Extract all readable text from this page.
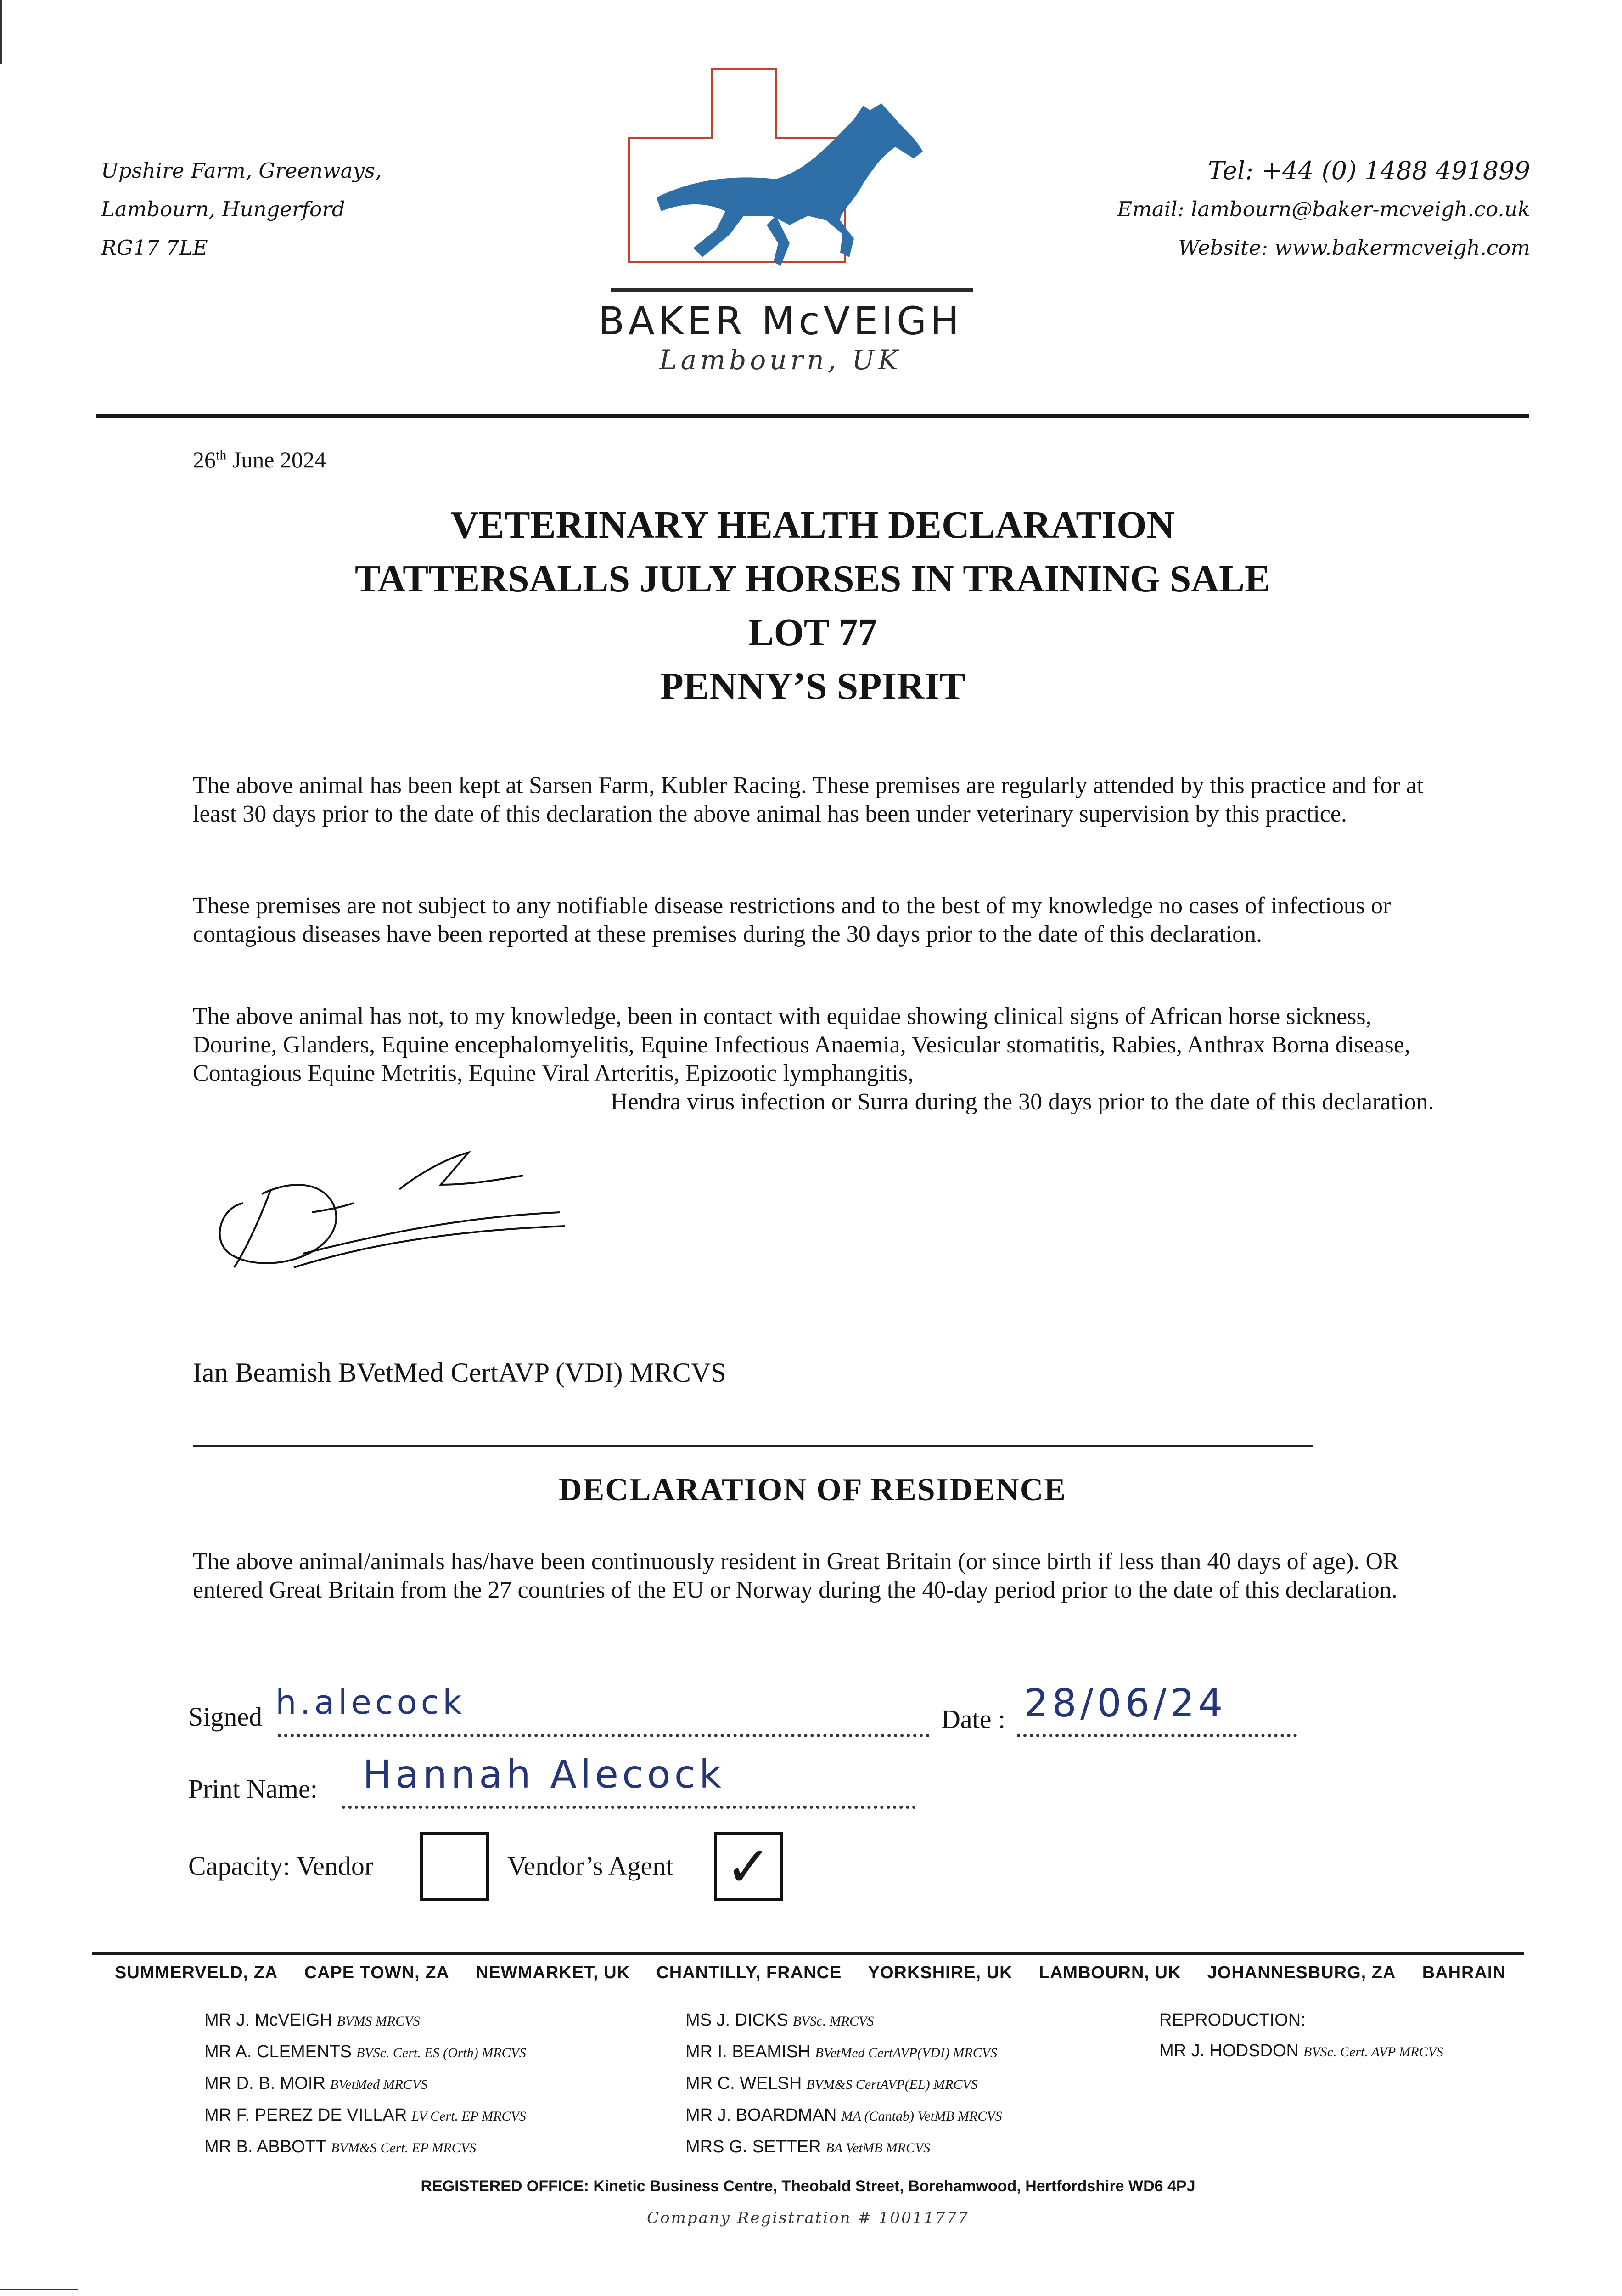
Upshire Farm, Greenways,
Lambourn, Hungerford
RG17 7LE
BAKER McVEIGH
Lambourn, UK
Tel: +44 (0) 1488 491899
Email: lambourn@baker-mcveigh.co.uk
Website: www.bakermcveigh.com
26th June 2024
VETERINARY HEALTH DECLARATION
TATTERSALLS JULY HORSES IN TRAINING SALE
LOT 77
PENNY’S SPIRIT
The above animal has been kept at Sarsen Farm, Kubler Racing. These premises are regularly attended by this practice and for at least 30 days prior to the date of this declaration the above animal has been under veterinary supervision by this practice.
These premises are not subject to any notifiable disease restrictions and to the best of my knowledge no cases of infectious or contagious diseases have been reported at these premises during the 30 days prior to the date of this declaration.
The above animal has not, to my knowledge, been in contact with equidae showing clinical signs of African horse sickness, Dourine, Glanders, Equine encephalomyelitis, Equine Infectious Anaemia, Vesicular stomatitis, Rabies, Anthrax Borna disease, Contagious Equine Metritis, Equine Viral Arteritis, Epizootic lymphangitis,
Hendra virus infection or Surra during the 30 days prior to the date of this declaration.
Ian Beamish BVetMed CertAVP (VDI) MRCVS
DECLARATION OF RESIDENCE
The above animal/animals has/have been continuously resident in Great Britain (or since birth if less than 40 days of age). OR entered Great Britain from the 27 countries of the EU or Norway during the 40-day period prior to the date of this declaration.
Signed h.alecock	Date : 28/06/24
Print Name: Hannah Alecock
Capacity: Vendor	Vendor’s Agent ✓
SUMMERVELD, ZA CAPE TOWN, ZA NEWMARKET, UK CHANTILLY, FRANCE YORKSHIRE, UK LAMBOURN, UK JOHANNESBURG, ZA BAHRAIN
MR J. McVEIGH BVMS MRCVS
MR A. CLEMENTS BVSc. Cert. ES (Orth) MRCVS
MR D. B. MOIR BVetMed MRCVS
MR F. PEREZ DE VILLAR LV Cert. EP MRCVS
MR B. ABBOTT BVM&S Cert. EP MRCVS
MS J. DICKS BVSc. MRCVS
MR I. BEAMISH BVetMed CertAVP(VDI) MRCVS
MR C. WELSH BVM&S CertAVP(EL) MRCVS
MR J. BOARDMAN MA (Cantab) VetMB MRCVS
MRS G. SETTER BA VetMB MRCVS
REPRODUCTION:
MR J. HODSDON BVSc. Cert. AVP MRCVS
REGISTERED OFFICE: Kinetic Business Centre, Theobald Street, Borehamwood, Hertfordshire WD6 4PJ
Company Registration # 10011777
